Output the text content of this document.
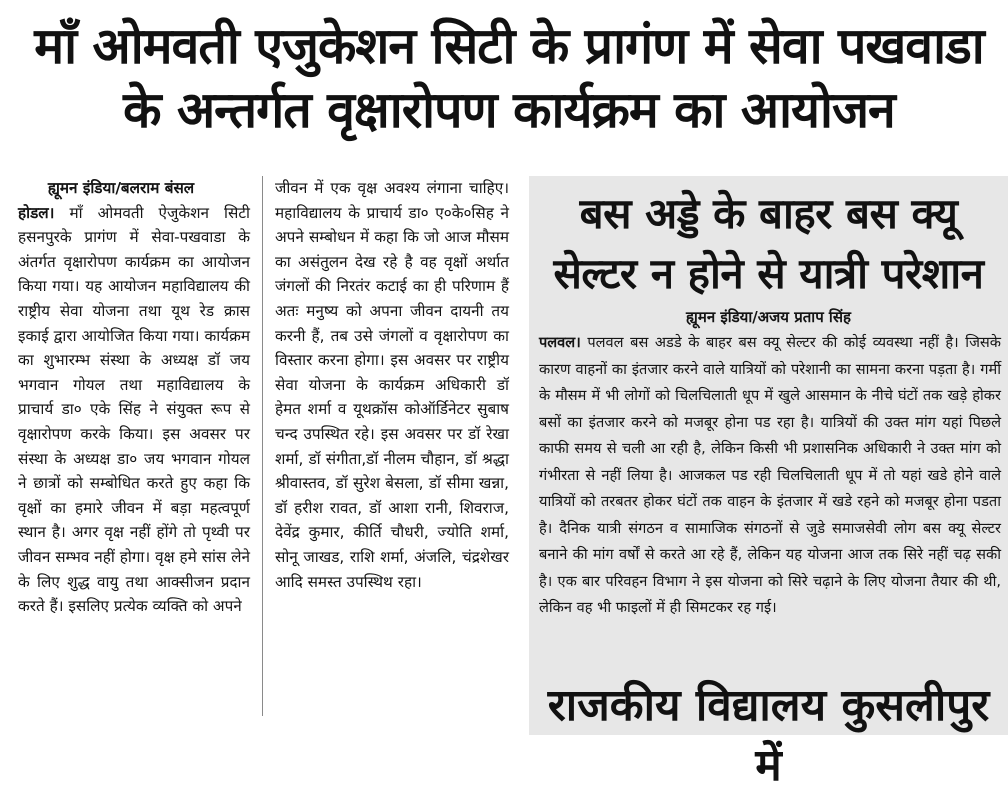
माँ ओमवती एजुकेशन सिटी के प्रागंण में सेवा पखवाडा
के अन्तर्गत वृक्षारोपण कार्यक्रम का आयोजन
ह्यूमन इंडिया/बलराम बंसल
होडल। माँ ओमवती ऐजुकेशन सिटी हसनपुरके प्रागंण में सेवा-पखवाडा के अंतर्गत वृक्षारोपण कार्यक्रम का आयोजन किया गया। यह आयोजन महाविद्यालय की राष्ट्रीय सेवा योजना तथा यूथ रेड क्रास इकाई द्वारा आयोजित किया गया। कार्यक्रम का शुभारम्भ संस्था के अध्यक्ष डॉ जय भगवान गोयल तथा महाविद्यालय के प्राचार्य डा० एके सिंह ने संयुक्त रूप से वृक्षारोपण करके किया। इस अवसर पर संस्था के अध्यक्ष डा० जय भगवान गोयल ने छात्रों को सम्बोधित करते हुए कहा कि वृक्षों का हमारे जीवन में बड़ा महत्वपूर्ण स्थान है। अगर वृक्ष नहीं होंगे तो पृथ्वी पर जीवन सम्भव नहीं होगा। वृक्ष हमे सांस लेने के लिए शुद्ध वायु तथा आक्सीजन प्रदान करते हैं। इसलिए प्रत्येक व्यक्ति को अपने
जीवन में एक वृक्ष अवश्य लंगाना चाहिए। महाविद्यालय के प्राचार्य डा० ए०के०सिह ने अपने सम्बोधन में कहा कि जो आज मौसम का असंतुलन देख रहे है वह वृक्षों अर्थात जंगलों की निरतंर कटाई का ही परिणाम हैं अतः मनुष्य को अपना जीवन दायनी तय करनी हैं, तब उसे जंगलों व वृक्षारोपण का विस्तार करना होगा। इस अवसर पर राष्ट्रीय सेवा योजना के कार्यक्रम अधिकारी डॉ हेमत शर्मा व यूथक्रॉस कोऑर्डिनेटर सुबाष चन्द उपस्थित रहे। इस अवसर पर डॉ रेखा शर्मा, डॉ संगीता,डॉ नीलम चौहान, डॉ श्रद्धा श्रीवास्तव, डॉ सुरेश बेसला, डॉ सीमा खन्ना, डॉ हरीश रावत, डॉ आशा रानी, शिवराज, देवेंद्र कुमार, कीर्ति चौधरी, ज्योति शर्मा, सोनू जाखड, राशि शर्मा, अंजलि, चंद्रशेखर आदि समस्त उपस्थिथ रहा।
बस अड्डे के बाहर बस क्यू
सेल्टर न होने से यात्री परेशान
ह्यूमन इंडिया/अजय प्रताप सिंह
पलवल। पलवल बस अडडे के बाहर बस क्यू सेल्टर की कोई व्यवस्था नहीं है। जिसके कारण वाहनों का इंतजार करने वाले यात्रियों को परेशानी का सामना करना पड़ता है। गर्मी के मौसम में भी लोगों को चिलचिलाती धूप में खुले आसमान के नीचे घंटों तक खड़े होकर बसों का इंतजार करने को मजबूर होना पड रहा है। यात्रियों की उक्त मांग यहां पिछले काफी समय से चली आ रही है, लेकिन किसी भी प्रशासनिक अधिकारी ने उक्त मांग को गंभीरता से नहीं लिया है। आजकल पड रही चिलचिलाती धूप में तो यहां खडे होने वाले यात्रियों को तरबतर होकर घंटों तक वाहन के इंतजार में खडे रहने को मजबूर होना पडता है। दैनिक यात्री संगठन व सामाजिक संगठनों से जुडे समाजसेवी लोग बस क्यू सेल्टर बनाने की मांग वर्षों से करते आ रहे हैं, लेकिन यह योजना आज तक सिरे नहीं चढ़ सकी है। एक बार परिवहन विभाग ने इस योजना को सिरे चढ़ाने के लिए योजना तैयार की थी, लेकिन वह भी फाइलों में ही सिमटकर रह गई।
राजकीय विद्यालय कुसलीपुर में
